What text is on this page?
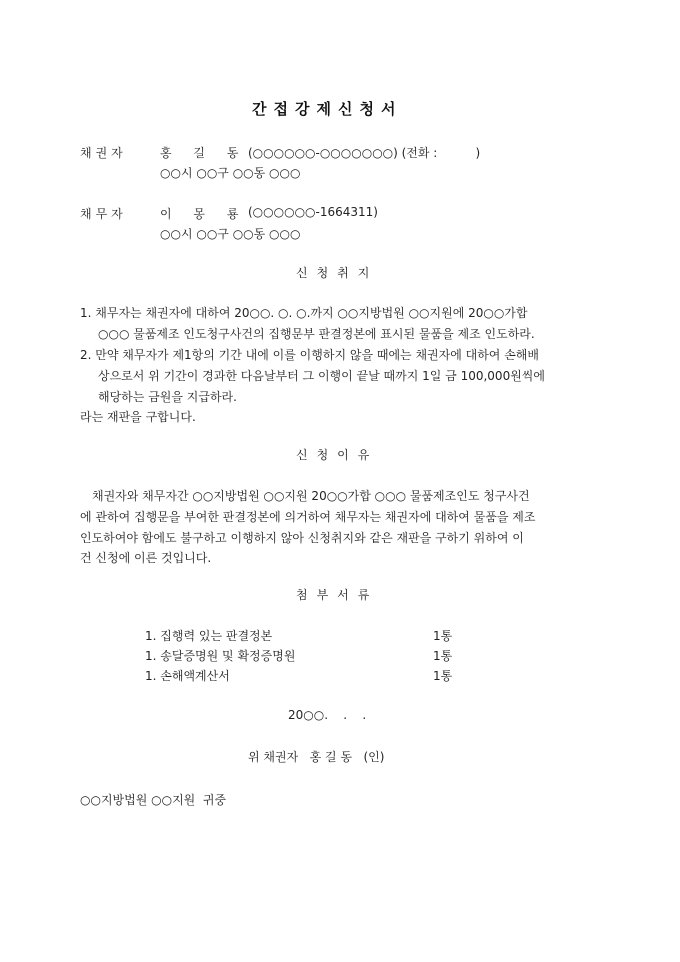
간접강제신청서
채권자	홍 길 동 (○○○○○○-○○○○○○○) (전화 :          )
○○시 ○○구 ○○동 ○○○
채무자	이 몽 룡 (○○○○○○-1664311)
○○시 ○○구 ○○동 ○○○
신청취지
1. 채무자는 채권자에 대하여 20○○. ○. ○.까지 ○○지방법원 ○○지원에 20○○가합
○○○ 물품제조 인도청구사건의 집행문부 판결정본에 표시된 물품을 제조 인도하라.
2. 만약 채무자가 제1항의 기간 내에 이를 이행하지 않을 때에는 채권자에 대하여 손해배
상으로서 위 기간이 경과한 다음날부터 그 이행이 끝날 때까지 1일 금 100,000원씩에
해당하는 금원을 지급하라.
라는 재판을 구합니다.
신청이유
채권자와 채무자간 ○○지방법원 ○○지원 20○○가합 ○○○ 물품제조인도 청구사건
에 관하여 집행문을 부여한 판결정본에 의거하여 채무자는 채권자에 대하여 물품을 제조
인도하여야 함에도 불구하고 이행하지 않아 신청취지와 같은 재판을 구하기 위하여 이
건 신청에 이른 것입니다.
첨부서류
1. 집행력 있는 판결정본	1통
1. 송달증명원 및 확정증명원	1통
1. 손해액계산서	1통
20○○.    .    .
위 채권자   홍 길 동   (인)
○○지방법원 ○○지원  귀중
